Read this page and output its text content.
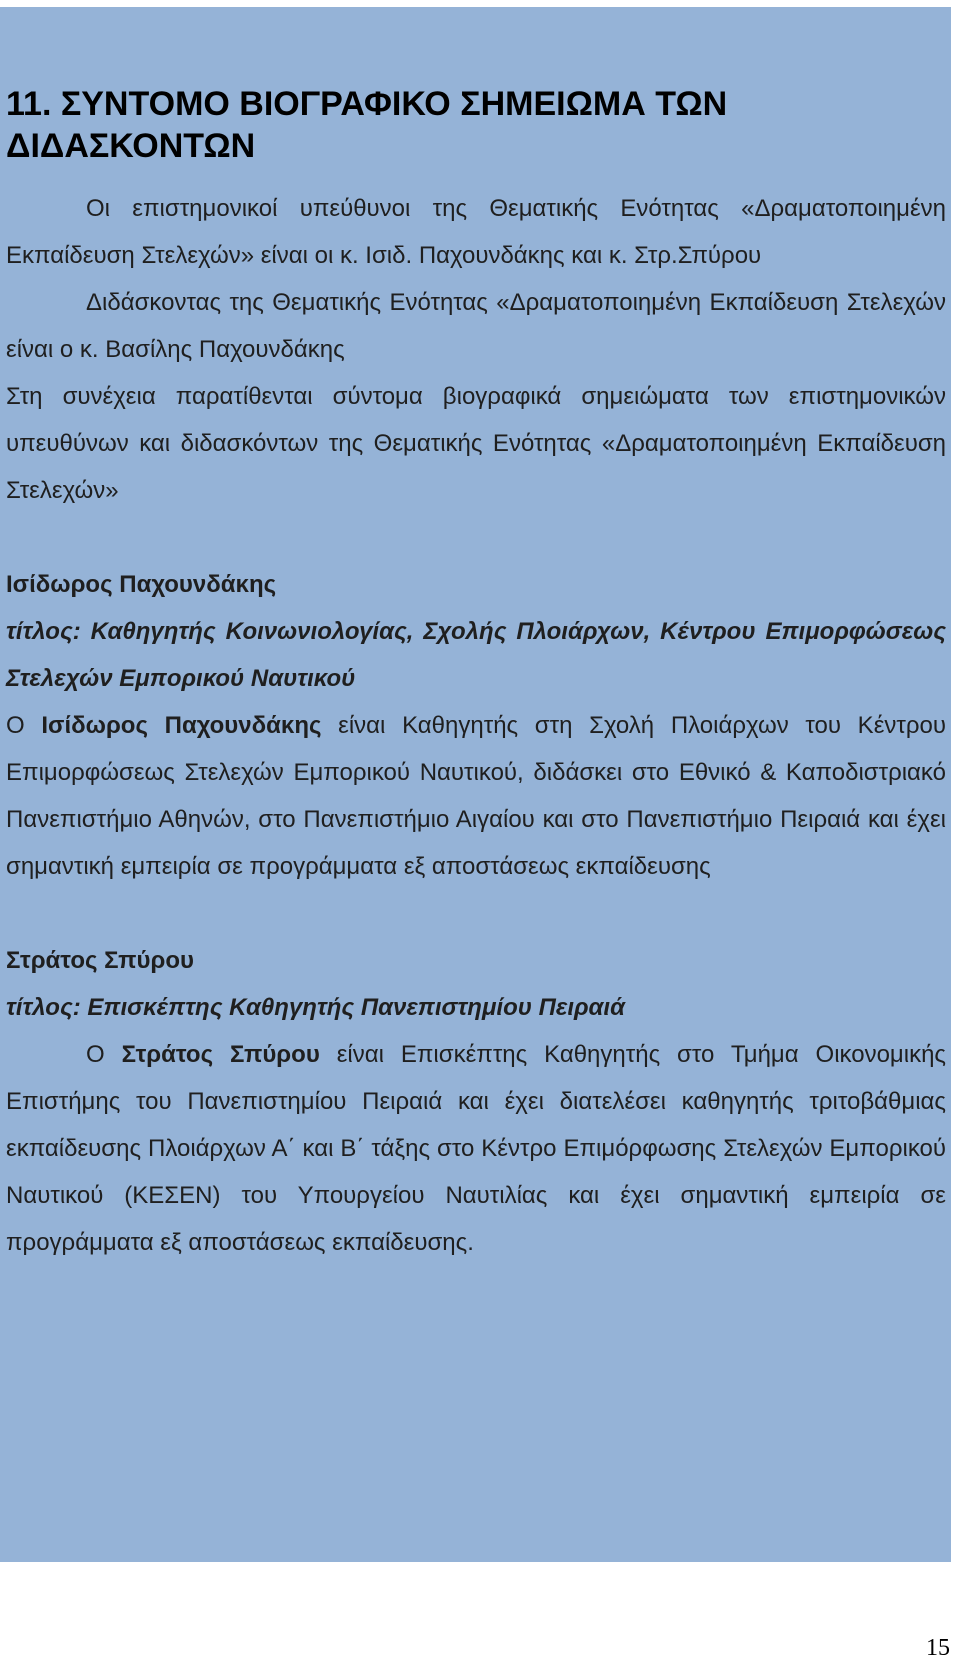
11. ΣΥΝΤΟΜΟ ΒΙΟΓΡΑΦΙΚΟ ΣΗΜΕΙΩΜΑ ΤΩΝ ΔΙΔΑΣΚΟΝΤΩΝ

Οι επιστημονικοί υπεύθυνοι της Θεματικής Ενότητας «Δραματοποιημένη Εκπαίδευση Στελεχών» είναι οι κ. Ισιδ. Παχουνδάκης και κ. Στρ.Σπύρου

Διδάσκοντας της Θεματικής Ενότητας «Δραματοποιημένη Εκπαίδευση Στελεχών είναι ο κ. Βασίλης Παχουνδάκης

Στη συνέχεια παρατίθενται σύντομα βιογραφικά σημειώματα των επιστημονικών υπευθύνων και διδασκόντων της Θεματικής Ενότητας «Δραματοποιημένη Εκπαίδευση Στελεχών»

Ισίδωρος Παχουνδάκης

τίτλος: Καθηγητής Κοινωνιολογίας, Σχολής Πλοιάρχων, Κέντρου Επιμορφώσεως Στελεχών Εμπορικού Ναυτικού

Ο Ισίδωρος Παχουνδάκης είναι Καθηγητής στη Σχολή Πλοιάρχων του Κέντρου Επιμορφώσεως Στελεχών Εμπορικού Ναυτικού, διδάσκει στο Εθνικό & Καποδιστριακό Πανεπιστήμιο Αθηνών, στο Πανεπιστήμιο Αιγαίου και στο Πανεπιστήμιο Πειραιά και έχει σημαντική εμπειρία σε προγράμματα εξ αποστάσεως εκπαίδευσης

Στράτος Σπύρου

τίτλος: Επισκέπτης Καθηγητής Πανεπιστημίου Πειραιά

Ο Στράτος Σπύρου είναι Επισκέπτης Καθηγητής στο Τμήμα Οικονομικής Επιστήμης του Πανεπιστημίου Πειραιά και έχει διατελέσει καθηγητής τριτοβάθμιας εκπαίδευσης Πλοιάρχων Α΄ και Β΄ τάξης στο Κέντρο Επιμόρφωσης Στελεχών Εμπορικού Ναυτικού (ΚΕΣΕΝ) του Υπουργείου Ναυτιλίας και έχει σημαντική εμπειρία σε προγράμματα εξ αποστάσεως εκπαίδευσης.

15
